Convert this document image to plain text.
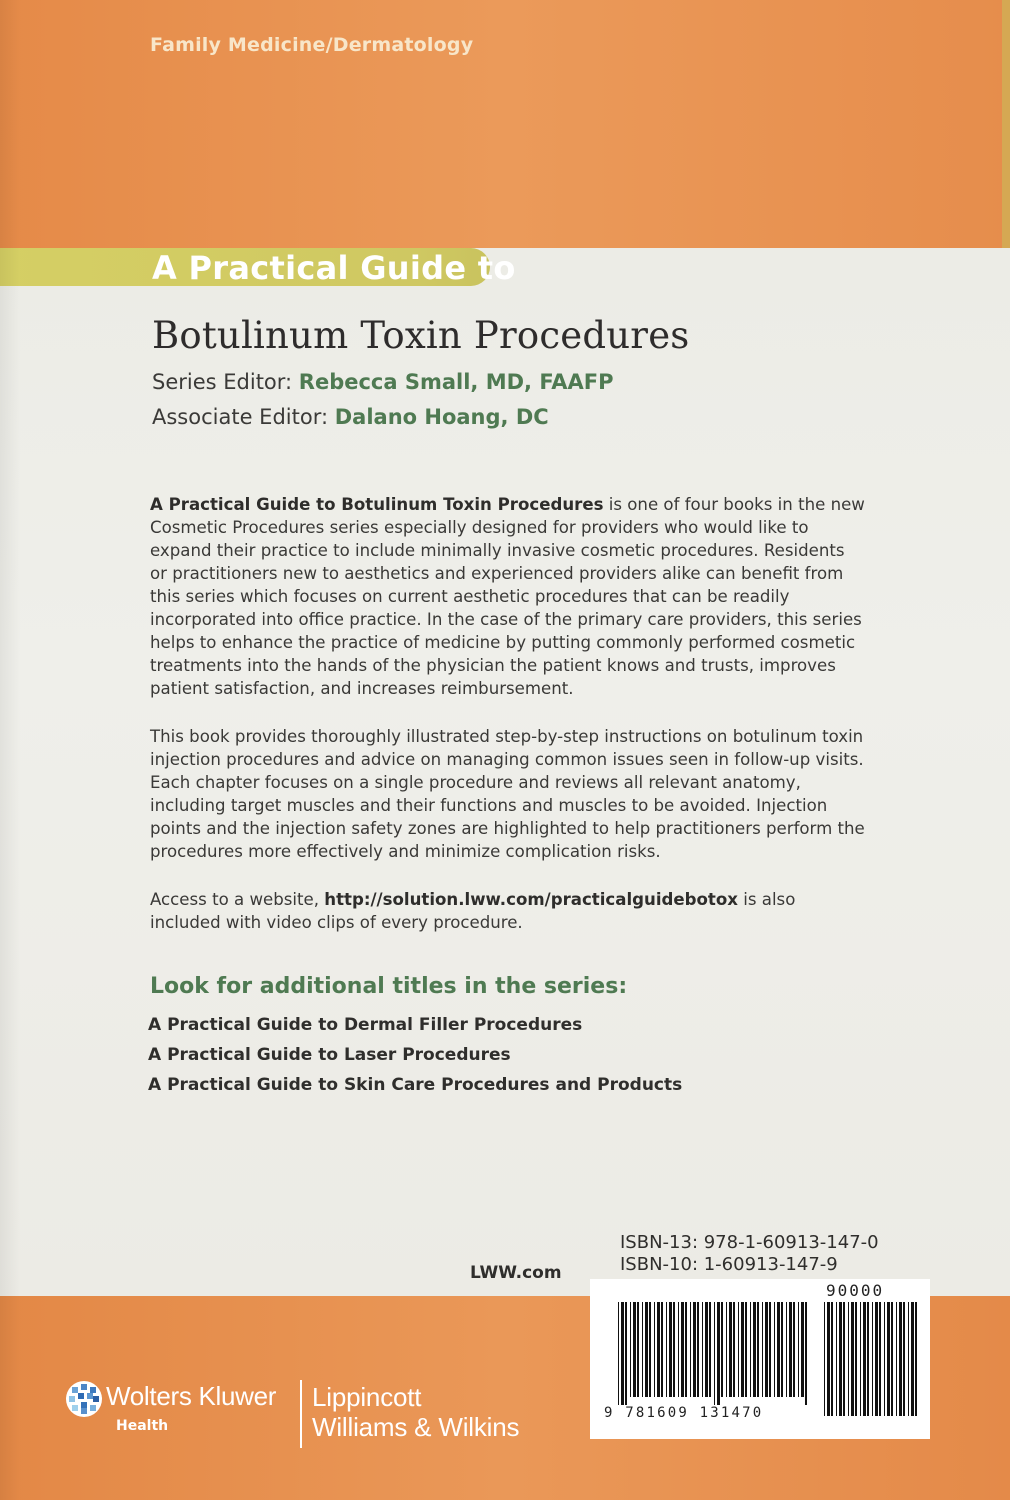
Family Medicine/Dermatology
A Practical Guide to
Botulinum Toxin Procedures
Series Editor: Rebecca Small, MD, FAAFP
Associate Editor: Dalano Hoang, DC
A Practical Guide to Botulinum Toxin Procedures is one of four books in the new Cosmetic Procedures series especially designed for providers who would like to expand their practice to include minimally invasive cosmetic procedures. Residents or practitioners new to aesthetics and experienced providers alike can benefit from this series which focuses on current aesthetic procedures that can be readily incorporated into office practice. In the case of the primary care providers, this series helps to enhance the practice of medicine by putting commonly performed cosmetic treatments into the hands of the physician the patient knows and trusts, improves patient satisfaction, and increases reimbursement.
This book provides thoroughly illustrated step-by-step instructions on botulinum toxin injection procedures and advice on managing common issues seen in follow-up visits. Each chapter focuses on a single procedure and reviews all relevant anatomy, including target muscles and their functions and muscles to be avoided. Injection points and the injection safety zones are highlighted to help practitioners perform the procedures more effectively and minimize complication risks.
Access to a website, http://solution.lww.com/practicalguidebotox is also included with video clips of every procedure.
Look for additional titles in the series:
A Practical Guide to Dermal Filler Procedures
A Practical Guide to Laser Procedures
A Practical Guide to Skin Care Procedures and Products
ISBN-13: 978-1-60913-147-0
ISBN-10: 1-60913-147-9
LWW.com
90000
9 781609 131470
Wolters Kluwer
Health
Lippincott
Williams & Wilkins
